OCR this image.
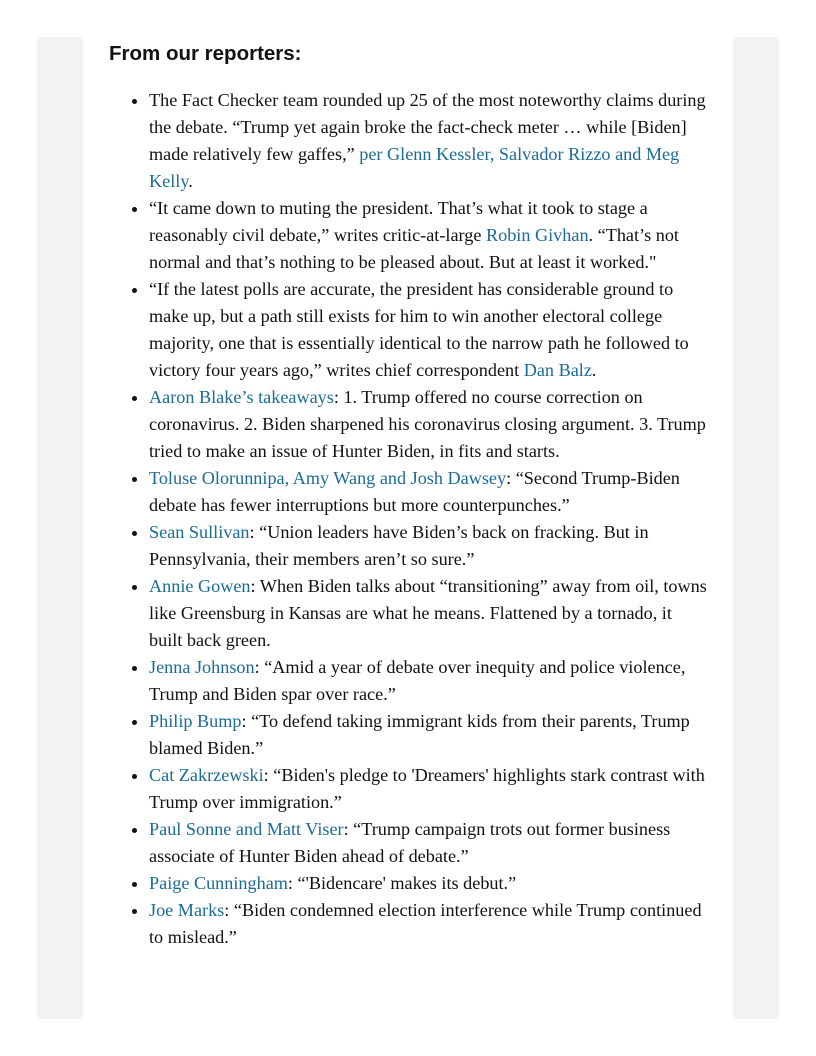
From our reporters:
• The Fact Checker team rounded up 25 of the most noteworthy claims during the debate. “Trump yet again broke the fact-check meter … while [Biden] made relatively few gaffes,” per Glenn Kessler, Salvador Rizzo and Meg Kelly.
• “It came down to muting the president. That’s what it took to stage a reasonably civil debate,” writes critic-at-large Robin Givhan. “That’s not normal and that’s nothing to be pleased about. But at least it worked."
• “If the latest polls are accurate, the president has considerable ground to make up, but a path still exists for him to win another electoral college majority, one that is essentially identical to the narrow path he followed to victory four years ago,” writes chief correspondent Dan Balz.
• Aaron Blake’s takeaways: 1. Trump offered no course correction on coronavirus. 2. Biden sharpened his coronavirus closing argument. 3. Trump tried to make an issue of Hunter Biden, in fits and starts.
• Toluse Olorunnipa, Amy Wang and Josh Dawsey: “Second Trump-Biden debate has fewer interruptions but more counterpunches.”
• Sean Sullivan: “Union leaders have Biden’s back on fracking. But in Pennsylvania, their members aren’t so sure.”
• Annie Gowen: When Biden talks about “transitioning” away from oil, towns like Greensburg in Kansas are what he means. Flattened by a tornado, it built back green.
• Jenna Johnson: “Amid a year of debate over inequity and police violence, Trump and Biden spar over race.”
• Philip Bump: “To defend taking immigrant kids from their parents, Trump blamed Biden.”
• Cat Zakrzewski: “Biden's pledge to 'Dreamers' highlights stark contrast with Trump over immigration.”
• Paul Sonne and Matt Viser: “Trump campaign trots out former business associate of Hunter Biden ahead of debate.”
• Paige Cunningham: “'Bidencare' makes its debut.”
• Joe Marks: “Biden condemned election interference while Trump continued to mislead.”
